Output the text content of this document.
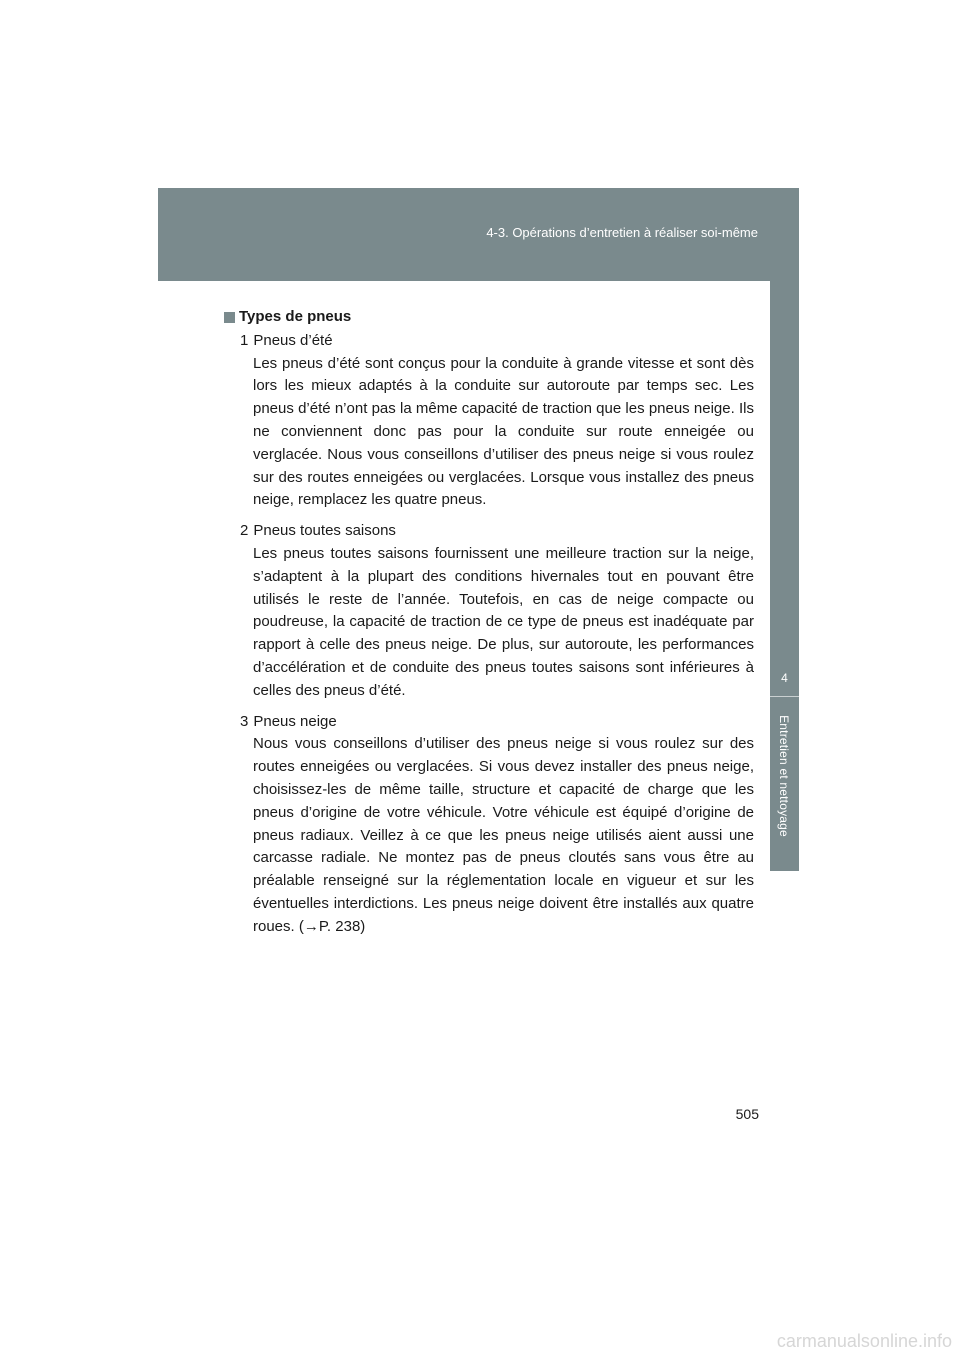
4-3. Opérations d’entretien à réaliser soi-même
4
Entretien et nettoyage
Types de pneus
1 Pneus d’été
Les pneus d’été sont conçus pour la conduite à grande vitesse et sont dès lors les mieux adaptés à la conduite sur autoroute par temps sec. Les pneus d’été n’ont pas la même capacité de traction que les pneus neige. Ils ne conviennent donc pas pour la conduite sur route enneigée ou verglacée. Nous vous conseillons d’utiliser des pneus neige si vous roulez sur des routes enneigées ou verglacées. Lorsque vous installez des pneus neige, remplacez les quatre pneus.
2 Pneus toutes saisons
Les pneus toutes saisons fournissent une meilleure traction sur la neige, s’adaptent à la plupart des conditions hivernales tout en pouvant être utilisés le reste de l’année. Toutefois, en cas de neige compacte ou poudreuse, la capacité de traction de ce type de pneus est inadéquate par rapport à celle des pneus neige. De plus, sur autoroute, les performances d’accélération et de conduite des pneus toutes saisons sont inférieures à celles des pneus d’été.
3 Pneus neige
Nous vous conseillons d’utiliser des pneus neige si vous roulez sur des routes enneigées ou verglacées. Si vous devez installer des pneus neige, choisissez-les de même taille, structure et capacité de charge que les pneus d’origine de votre véhicule. Votre véhicule est équipé d’origine de pneus radiaux. Veillez à ce que les pneus neige utilisés aient aussi une carcasse radiale. Ne montez pas de pneus cloutés sans vous être au préalable renseigné sur la réglementation locale en vigueur et sur les éventuelles interdictions. Les pneus neige doivent être installés aux quatre roues. (→P. 238)
505
carmanualsonline.info
